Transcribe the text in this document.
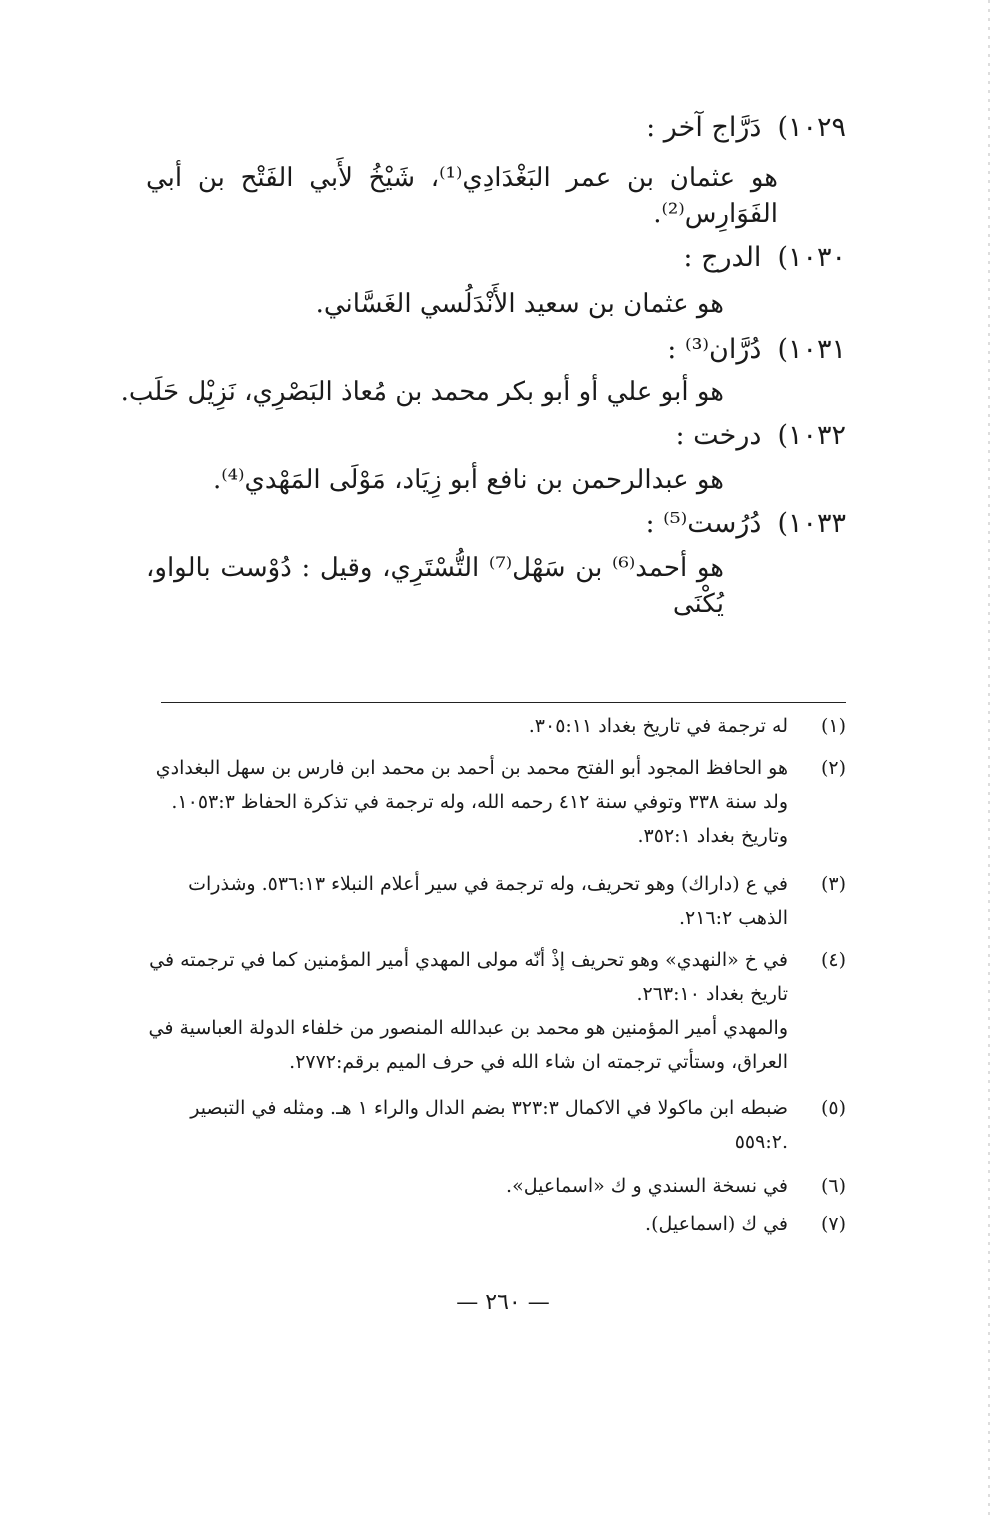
١٠٢٩)دَرَّاج آخر :
هو عثمان بن عمر البَغْدَادِي⁽¹⁾، شَيْخُ لأَبي الفَتْح بن أبي
الفَوَارِس⁽²⁾.
١٠٣٠)الدرج :
هو عثمان بن سعيد الأَنْدَلُسي الغَسَّاني.
١٠٣١)دُرَّان⁽³⁾ :
هو أبو علي أو أبو بكر محمد بن مُعاذ البَصْرِي، نَزِيْل حَلَب.
١٠٣٢)درخت :
هو عبدالرحمن بن نافع أبو زِيَاد، مَوْلَى المَهْدي⁽⁴⁾.
١٠٣٣)دُرُست⁽⁵⁾ :
هو أحمد⁽⁶⁾ بن سَهْل⁽⁷⁾ التُّسْتَرِي، وقيل : دُوْست بالواو، يُكْنَى
(١)
له ترجمة في تاريخ بغداد ٣٠٥:١١.
(٢)
هو الحافظ المجود أبو الفتح محمد بن أحمد بن محمد ابن فارس بن سهل البغدادي
ولد سنة ٣٣٨ وتوفي سنة ٤١٢ رحمه الله، وله ترجمة في تذكرة الحفاظ ١٠٥٣:٣.
وتاريخ بغداد ٣٥٢:١.
(٣)
في ع (داراك) وهو تحريف، وله ترجمة في سير أعلام النبلاء ٥٣٦:١٣. وشذرات
الذهب ٢١٦:٢.
(٤)
في خ «النهدي» وهو تحريف إذْ أنّه مولى المهدي أمير المؤمنين كما في ترجمته في
تاريخ بغداد ٢٦٣:١٠.
والمهدي أمير المؤمنين هو محمد بن عبدالله المنصور من خلفاء الدولة العباسية في
العراق، وستأتي ترجمته ان شاء الله في حرف الميم برقم:٢٧٧٢.
(٥)
ضبطه ابن ماكولا في الاكمال ٣٢٣:٣ بضم الدال والراء ١ هـ. ومثله في التبصير
.٥٥٩:٢
(٦)
في نسخة السندي و ك «اسماعيل».
(٧)
في ك (اسماعيل).
— ٢٦٠ —
